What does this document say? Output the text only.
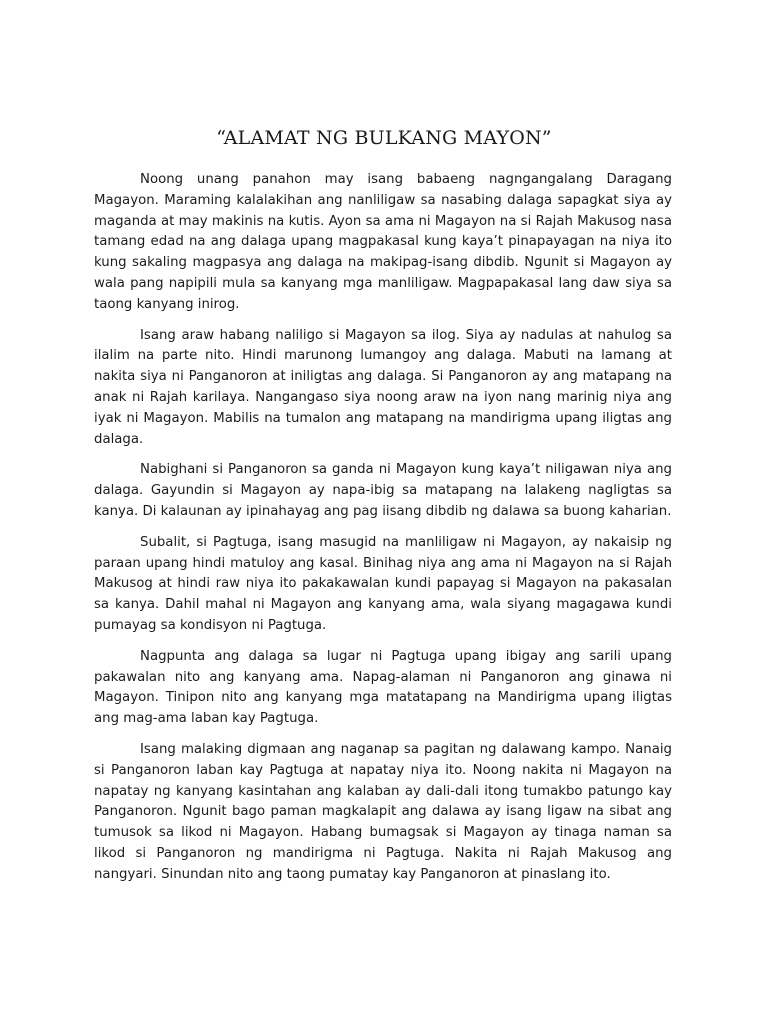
“ALAMAT NG BULKANG MAYON”

Noong unang panahon may isang babaeng nagngangalang Daragang Magayon. Maraming kalalakihan ang nanliligaw sa nasabing dalaga sapagkat siya ay maganda at may makinis na kutis. Ayon sa ama ni Magayon na si Rajah Makusog nasa tamang edad na ang dalaga upang magpakasal kung kaya’t pinapayagan na niya ito kung sakaling magpasya ang dalaga na makipag-isang dibdib. Ngunit si Magayon ay wala pang napipili mula sa kanyang mga manliligaw. Magpapakasal lang daw siya sa taong kanyang inirog.

Isang araw habang naliligo si Magayon sa ilog. Siya ay nadulas at nahulog sa ilalim na parte nito. Hindi marunong lumangoy ang dalaga. Mabuti na lamang at nakita siya ni Panganoron at iniligtas ang dalaga. Si Panganoron ay ang matapang na anak ni Rajah karilaya. Nangangaso siya noong araw na iyon nang marinig niya ang iyak ni Magayon. Mabilis na tumalon ang matapang na mandirigma upang iligtas ang dalaga.

Nabighani si Panganoron sa ganda ni Magayon kung kaya’t niligawan niya ang dalaga. Gayundin si Magayon ay napa-ibig sa matapang na lalakeng nagligtas sa kanya. Di kalaunan ay ipinahayag ang pag iisang dibdib ng dalawa sa buong kaharian.

Subalit, si Pagtuga, isang masugid na manliligaw ni Magayon, ay nakaisip ng paraan upang hindi matuloy ang kasal. Binihag niya ang ama ni Magayon na si Rajah Makusog at hindi raw niya ito pakakawalan kundi papayag si Magayon na pakasalan sa kanya. Dahil mahal ni Magayon ang kanyang ama, wala siyang magagawa kundi pumayag sa kondisyon ni Pagtuga.

Nagpunta ang dalaga sa lugar ni Pagtuga upang ibigay ang sarili upang pakawalan nito ang kanyang ama. Napag-alaman ni Panganoron ang ginawa ni Magayon. Tinipon nito ang kanyang mga matatapang na Mandirigma upang iligtas ang mag-ama laban kay Pagtuga.

Isang malaking digmaan ang naganap sa pagitan ng dalawang kampo. Nanaig si Panganoron laban kay Pagtuga at napatay niya ito. Noong nakita ni Magayon na napatay ng kanyang kasintahan ang kalaban ay dali-dali itong tumakbo patungo kay Panganoron. Ngunit bago paman magkalapit ang dalawa ay isang ligaw na sibat ang tumusok sa likod ni Magayon. Habang bumagsak si Magayon ay tinaga naman sa likod si Panganoron ng mandirigma ni Pagtuga. Nakita ni Rajah Makusog ang nangyari. Sinundan nito ang taong pumatay kay Panganoron at pinaslang ito.
